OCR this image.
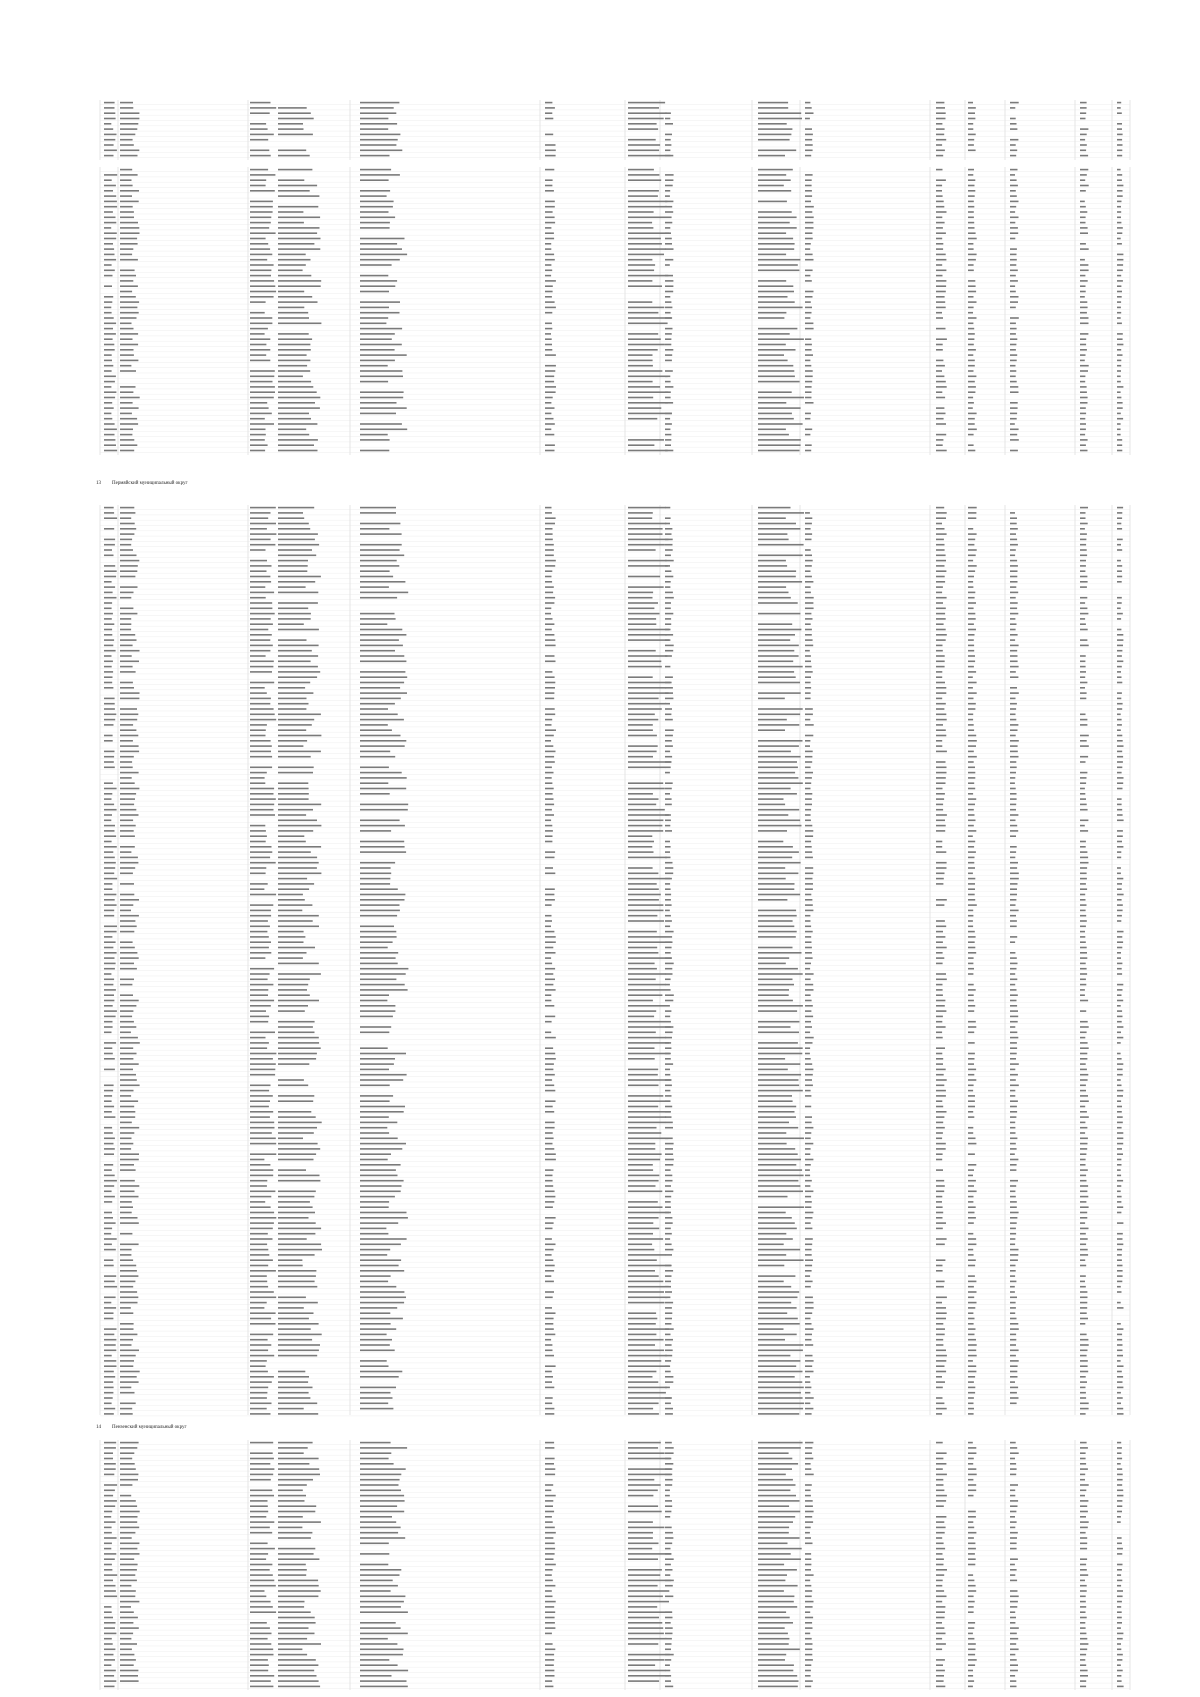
13 Пермяйский муниципальный округ
14 Пензенский муниципальный округ
